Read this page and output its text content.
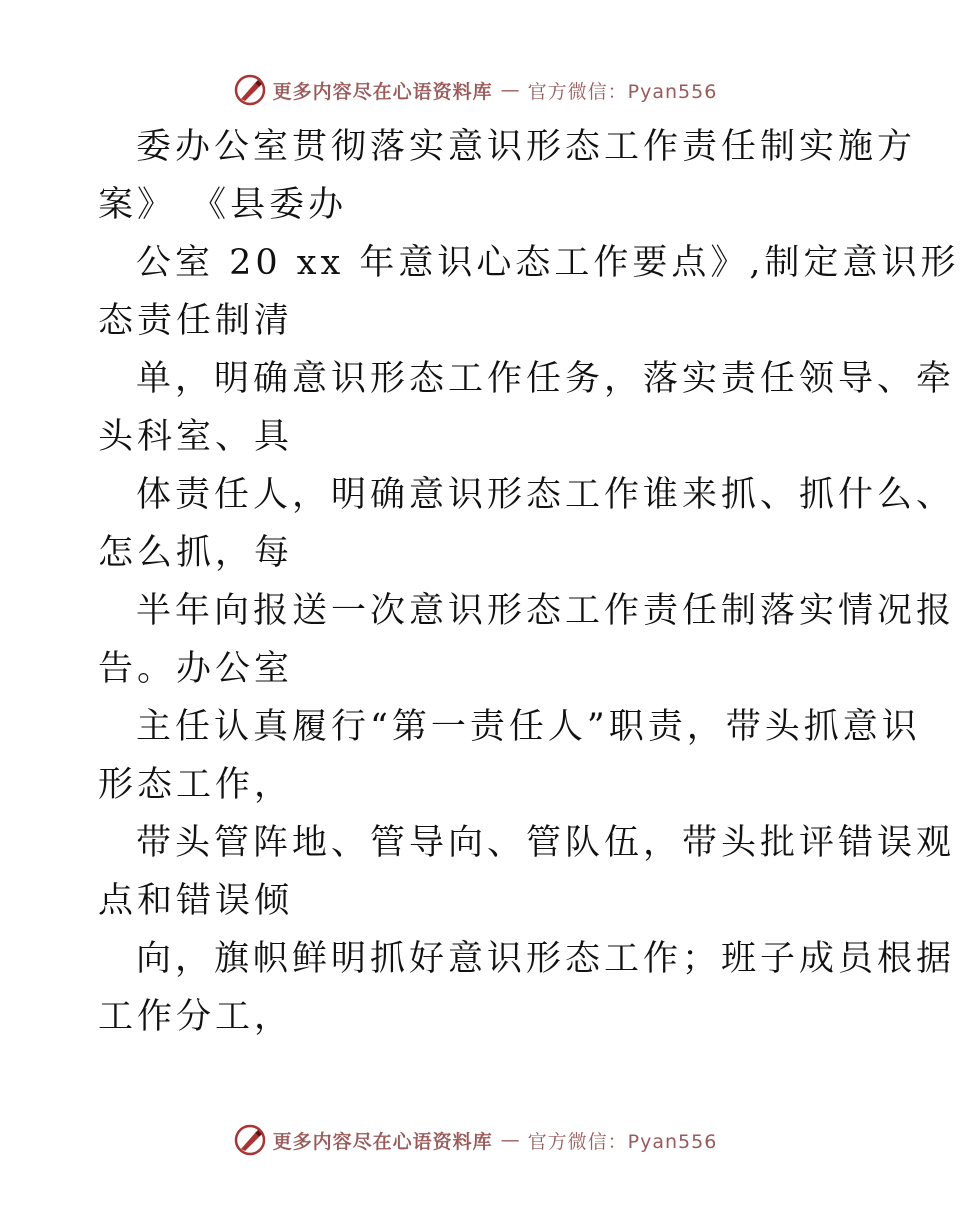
更多内容尽在心语资料库 — 官方微信：Pyan556
委办公室贯彻落实意识形态工作责任制实施方
案》 《县委办
公室 20 xx 年意识心态工作要点》,制定意识形
态责任制清
单，明确意识形态工作任务，落实责任领导、牵
头科室、具
体责任人，明确意识形态工作谁来抓、抓什么、
怎么抓，每
半年向报送一次意识形态工作责任制落实情况报
告。办公室
主任认真履行“第一责任人”职责，带头抓意识
形态工作，
带头管阵地、管导向、管队伍，带头批评错误观
点和错误倾
向，旗帜鲜明抓好意识形态工作；班子成员根据
工作分工，
更多内容尽在心语资料库 — 官方微信：Pyan556
